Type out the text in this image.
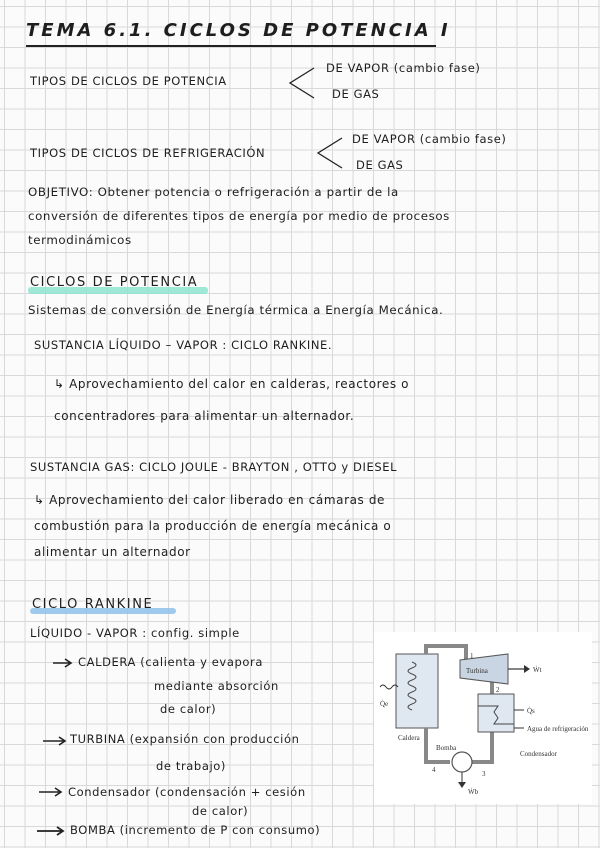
TEMA 6.1. CICLOS DE POTENCIA I
TIPOS DE CICLOS DE POTENCIA
DE VAPOR (cambio fase)
DE GAS
TIPOS DE CICLOS DE REFRIGERACIÓN
DE VAPOR (cambio fase)
DE GAS
OBJETIVO: Obtener potencia o refrigeración a partir de la
conversión de diferentes tipos de energía por medio de procesos
termodinámicos
CICLOS DE POTENCIA
Sistemas de conversión de Energía térmica a Energía Mecánica.
SUSTANCIA LÍQUIDO – VAPOR : CICLO RANKINE.
↳ Aprovechamiento del calor en calderas, reactores o
concentradores para alimentar un alternador.
SUSTANCIA GAS: CICLO JOULE - BRAYTON , OTTO y DIESEL
↳ Aprovechamiento del calor liberado en cámaras de
combustión para la producción de energía mecánica o
alimentar un alternador
CICLO RANKINE
LÍQUIDO - VAPOR : config. simple
CALDERA (calienta y evapora
mediante absorción
de calor)
TURBINA (expansión con producción
de trabajo)
Condensador (condensación + cesión
de calor)
BOMBA (incremento de P con consumo)
Turbina	Ẇt
Q̇e
Caldera
Q̇s
Agua de refrigeración
Bomba
Condensador
Ẇb
1
2
3
4
